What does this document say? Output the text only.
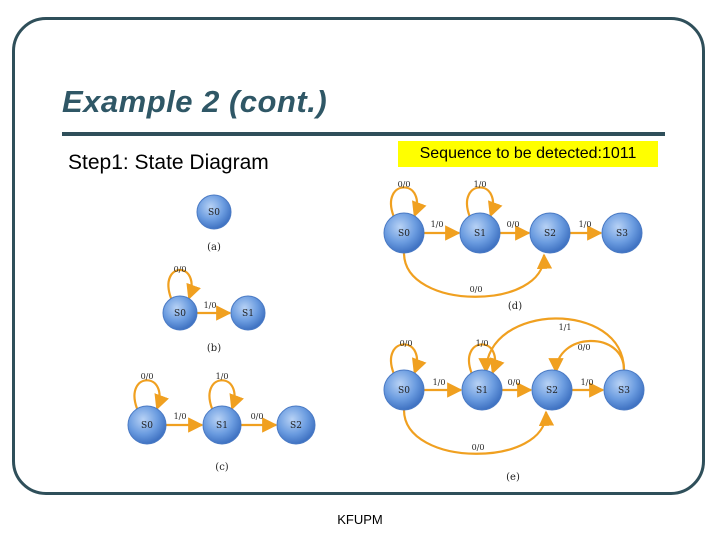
Example 2 (cont.)
Step1: State Diagram	Sequence to be detected:1011
S0
(a)
0/0
1/0
S0	S1
(b)
0/0
1/0
1/0
0/0
S0	S1	S2
(c)
0/0
1/0
1/0
0/0	1/0
0/0
S0	S1	S2	S3
(d)
0/0
1/0
1/0
0/0	1/0
0/0
1/1
0/0
S0	S1	S2	S3
(e)
KFUPM
